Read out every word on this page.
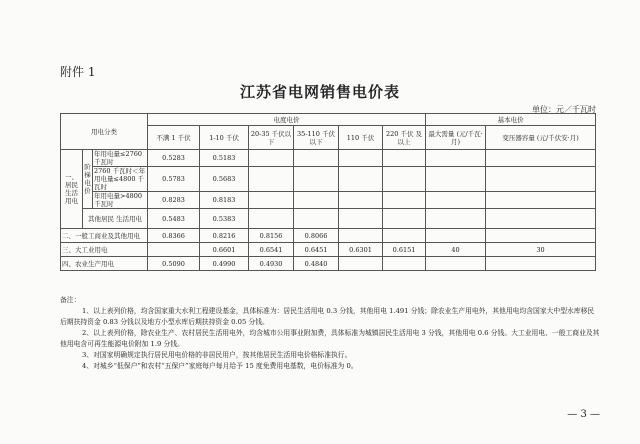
附件 1
江苏省电网销售电价表
单位：元／千瓦时
用电分类			电度电价						基本电价	
			不满 1 千伏	1-10 千伏	20-35 千伏以下	35-110 千伏以下	110 千伏	220 千伏 及以上	最大需量 (元/千瓦·月)	变压器容量 (元/千伏安·月)
一、 居民生活 用电	阶 梯 电 价	年用电量≤2760 千瓦时	0.5283	0.5183						
		2760 千瓦时＜年用电量≤4800 千瓦时	0.5783	0.5683						
		年用电量>4800 千瓦时	0.8283	0.8183						
	其他居民 生活用电		0.5483	0.5383						
二、一般工商业及其他用电			0.8366	0.8216	0.8156	0.8066				
三、大工业用电				0.6601	0.6541	0.6451	0.6301	0.6151	40	30
四、农业生产用电			0.5090	0.4990	0.4930	0.4840				

备注：

1、以上表列价格，均含国家重大水利工程建设基金，具体标准为：居民生活用电 0.3 分钱，其他用电 1.491 分钱；除农业生产用电外，其他用电均含国家大中型水库移民后期扶持资金 0.83 分钱以及地方小型水库后期扶持资金 0.05 分钱。

2、以上表列价格，除农业生产、农村居民生活用电外，均含城市公用事业附加费，具体标准为城镇居民生活用电 3 分钱，其他用电 0.6 分钱。大工业用电、一般工商业及其他用电含可再生能源电价附加 1.9 分钱。

3、对国家明确规定执行居民用电价格的非居民用户，按其他居民生活用电价格标准执行。

4、对城乡“低保户”和农村“五保户”家庭每户每月给予 15 度免费用电基数，电价标准为 0。

— 3 —
